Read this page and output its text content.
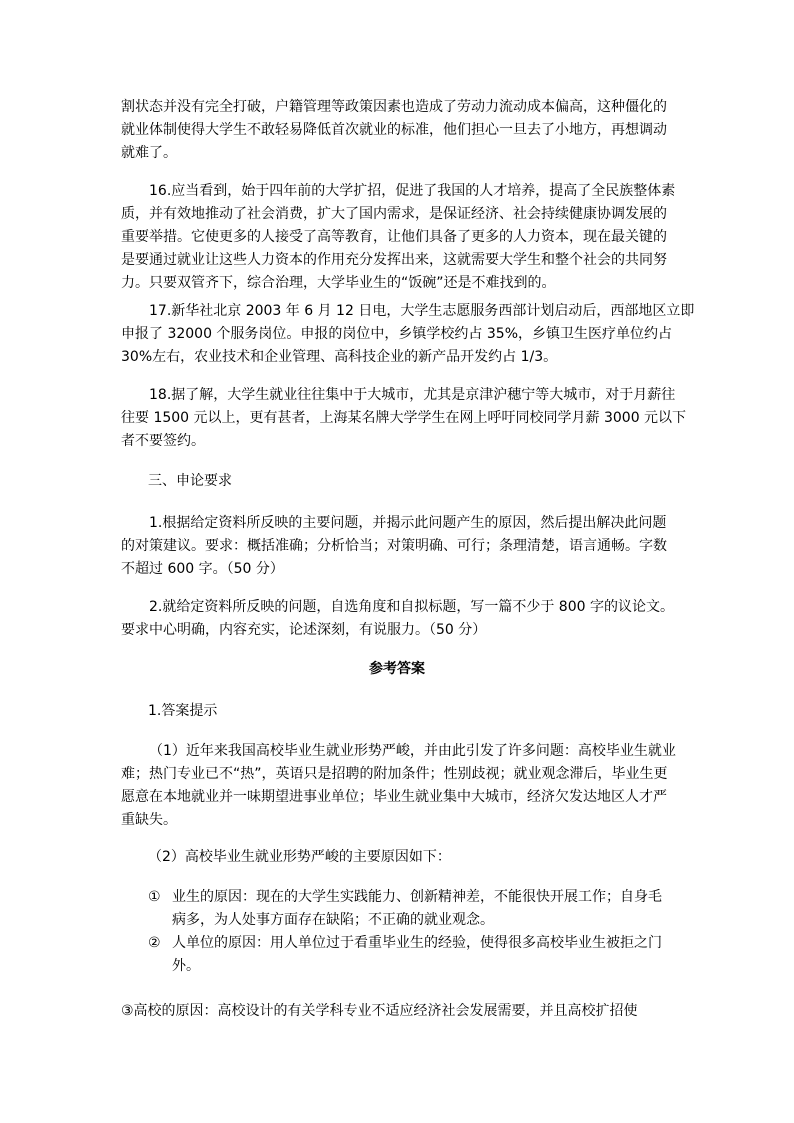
割状态并没有完全打破，户籍管理等政策因素也造成了劳动力流动成本偏高，这种僵化的
就业体制使得大学生不敢轻易降低首次就业的标准，他们担心一旦去了小地方，再想调动
就难了。
16.应当看到，始于四年前的大学扩招，促进了我国的人才培养，提高了全民族整体素
质，并有效地推动了社会消费，扩大了国内需求，是保证经济、社会持续健康协调发展的
重要举措。它使更多的人接受了高等教育，让他们具备了更多的人力资本，现在最关键的
是要通过就业让这些人力资本的作用充分发挥出来，这就需要大学生和整个社会的共同努
力。只要双管齐下，综合治理，大学毕业生的“饭碗”还是不难找到的。
17.新华社北京 2003 年 6 月 12 日电，大学生志愿服务西部计划启动后，西部地区立即
申报了 32000 个服务岗位。申报的岗位中，乡镇学校约占 35%，乡镇卫生医疗单位约占
30%左右，农业技术和企业管理、高科技企业的新产品开发约占 1/3。
18.据了解，大学生就业往往集中于大城市，尤其是京津沪穗宁等大城市，对于月薪往
往要 1500 元以上，更有甚者，上海某名牌大学学生在网上呼吁同校同学月薪 3000 元以下
者不要签约。
三、申论要求
1.根据给定资料所反映的主要问题，并揭示此问题产生的原因，然后提出解决此问题
的对策建议。要求：概括准确；分析恰当；对策明确、可行；条理清楚，语言通畅。字数
不超过 600 字。（50 分）
2.就给定资料所反映的问题，自选角度和自拟标题，写一篇不少于 800 字的议论文。
要求中心明确，内容充实，论述深刻，有说服力。（50 分）
参考答案
1.答案提示
（1）近年来我国高校毕业生就业形势严峻，并由此引发了许多问题：高校毕业生就业
难；热门专业已不“热”，英语只是招聘的附加条件；性别歧视；就业观念滞后，毕业生更
愿意在本地就业并一味期望进事业单位；毕业生就业集中大城市，经济欠发达地区人才严
重缺失。
（2）高校毕业生就业形势严峻的主要原因如下：
① 业生的原因：现在的大学生实践能力、创新精神差，不能很快开展工作；自身毛
病多，为人处事方面存在缺陷；不正确的就业观念。
② 人单位的原因：用人单位过于看重毕业生的经验，使得很多高校毕业生被拒之门
外。
③高校的原因：高校设计的有关学科专业不适应经济社会发展需要，并且高校扩招使
